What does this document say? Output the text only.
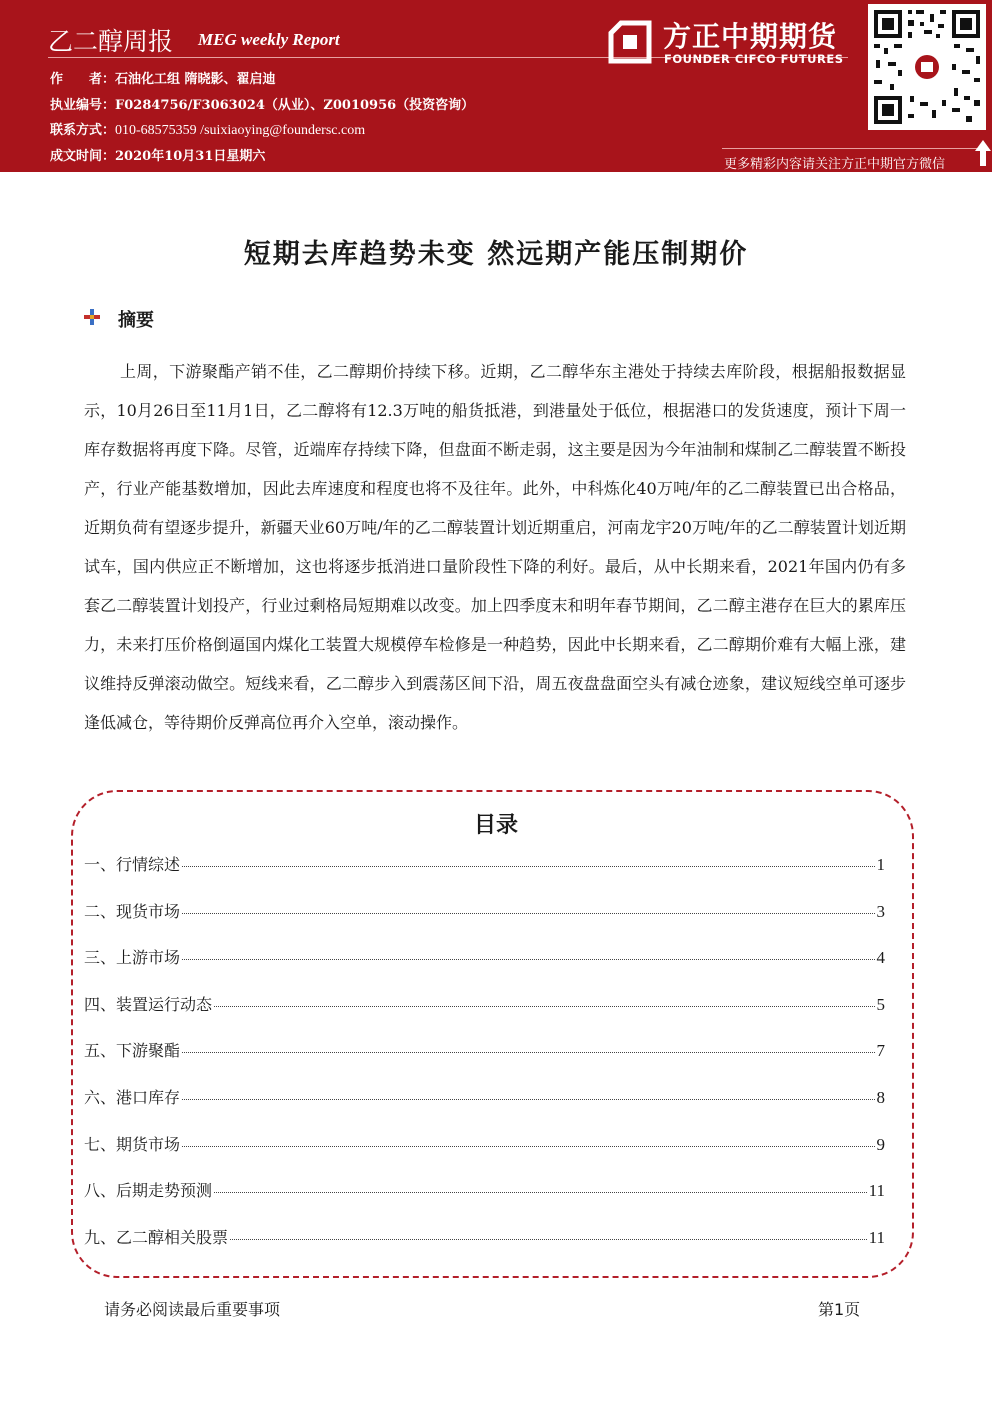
乙二醇周报 MEG weekly Report
作　　者：石油化工组 隋晓影、翟启迪
执业编号：F0284756/F3063024（从业）、Z0010956（投资咨询）
联系方式：010-68575359 /suixiaoying@foundersc.com
成文时间：2020年10月31日星期六
方正中期期货
FOUNDER CIFCO FUTURES
更多精彩内容请关注方正中期官方微信
短期去库趋势未变 然远期产能压制期价
摘要
上周，下游聚酯产销不佳，乙二醇期价持续下移。近期，乙二醇华东主港处于持续去库阶段，根据船报数据显示，10月26日至11月1日，乙二醇将有12.3万吨的船货抵港，到港量处于低位，根据港口的发货速度，预计下周一库存数据将再度下降。尽管，近端库存持续下降，但盘面不断走弱，这主要是因为今年油制和煤制乙二醇装置不断投产，行业产能基数增加，因此去库速度和程度也将不及往年。此外，中科炼化40万吨/年的乙二醇装置已出合格品，近期负荷有望逐步提升，新疆天业60万吨/年的乙二醇装置计划近期重启，河南龙宇20万吨/年的乙二醇装置计划近期试车，国内供应正不断增加，这也将逐步抵消进口量阶段性下降的利好。最后，从中长期来看，2021年国内仍有多套乙二醇装置计划投产，行业过剩格局短期难以改变。加上四季度末和明年春节期间，乙二醇主港存在巨大的累库压力，未来打压价格倒逼国内煤化工装置大规模停车检修是一种趋势，因此中长期来看，乙二醇期价难有大幅上涨，建议维持反弹滚动做空。短线来看，乙二醇步入到震荡区间下沿，周五夜盘盘面空头有减仓迹象，建议短线空单可逐步逢低减仓，等待期价反弹高位再介入空单，滚动操作。
目录
一、行情综述	1
二、现货市场	3
三、上游市场	4
四、装置运行动态	5
五、下游聚酯	7
六、港口库存	8
七、期货市场	9
八、后期走势预测	11
九、乙二醇相关股票	11
请务必阅读最后重要事项	第1页
